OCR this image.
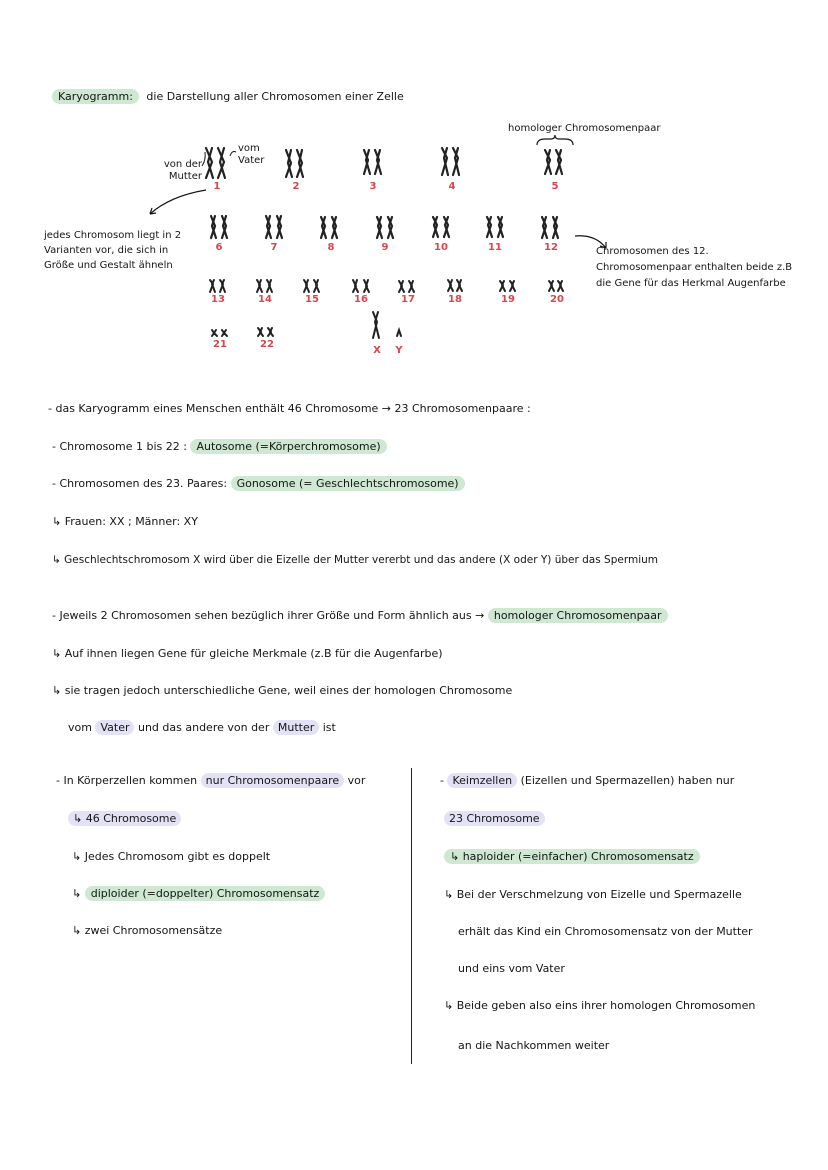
Karyogramm: die Darstellung aller Chromosomen einer Zelle
homologer Chromosomenpaar
von der Mutter
vom Vater
1	2	3	4	5
6	7	8	9	10	11	12
13	14	15	16	17	18	19	20
21	22
X	Y
jedes Chromosom liegt in 2 Varianten vor, die sich in Größe und Gestalt ähneln
Chromosomen des 12. Chromosomenpaar enthalten beide z.B die Gene für das Herkmal Augenfarbe
- das Karyogramm eines Menschen enthält 46 Chromosome → 23 Chromosomenpaare :
- Chromosome 1 bis 22 : Autosome (=Körperchromosome)
- Chromosomen des 23. Paares: Gonosome (= Geschlechtschromosome)
↳ Frauen: XX ; Männer: XY
↳ Geschlechtschromosom X wird über die Eizelle der Mutter vererbt und das andere (X oder Y) über das Spermium
- Jeweils 2 Chromosomen sehen bezüglich ihrer Größe und Form ähnlich aus → homologer Chromosomenpaar
↳ Auf ihnen liegen Gene für gleiche Merkmale (z.B für die Augenfarbe)
↳ sie tragen jedoch unterschiedliche Gene, weil eines der homologen Chromosome
vom Vater und das andere von der Mutter ist
- In Körperzellen kommen nur Chromosomenpaare vor
↳ 46 Chromosome
↳ Jedes Chromosom gibt es doppelt
↳ diploider (=doppelter) Chromosomensatz
↳ zwei Chromosomensätze
- Keimzellen (Eizellen und Spermazellen) haben nur
23 Chromosome
↳ haploider (=einfacher) Chromosomensatz
↳ Bei der Verschmelzung von Eizelle und Spermazelle
erhält das Kind ein Chromosomensatz von der Mutter
und eins vom Vater
↳ Beide geben also eins ihrer homologen Chromosomen
an die Nachkommen weiter
